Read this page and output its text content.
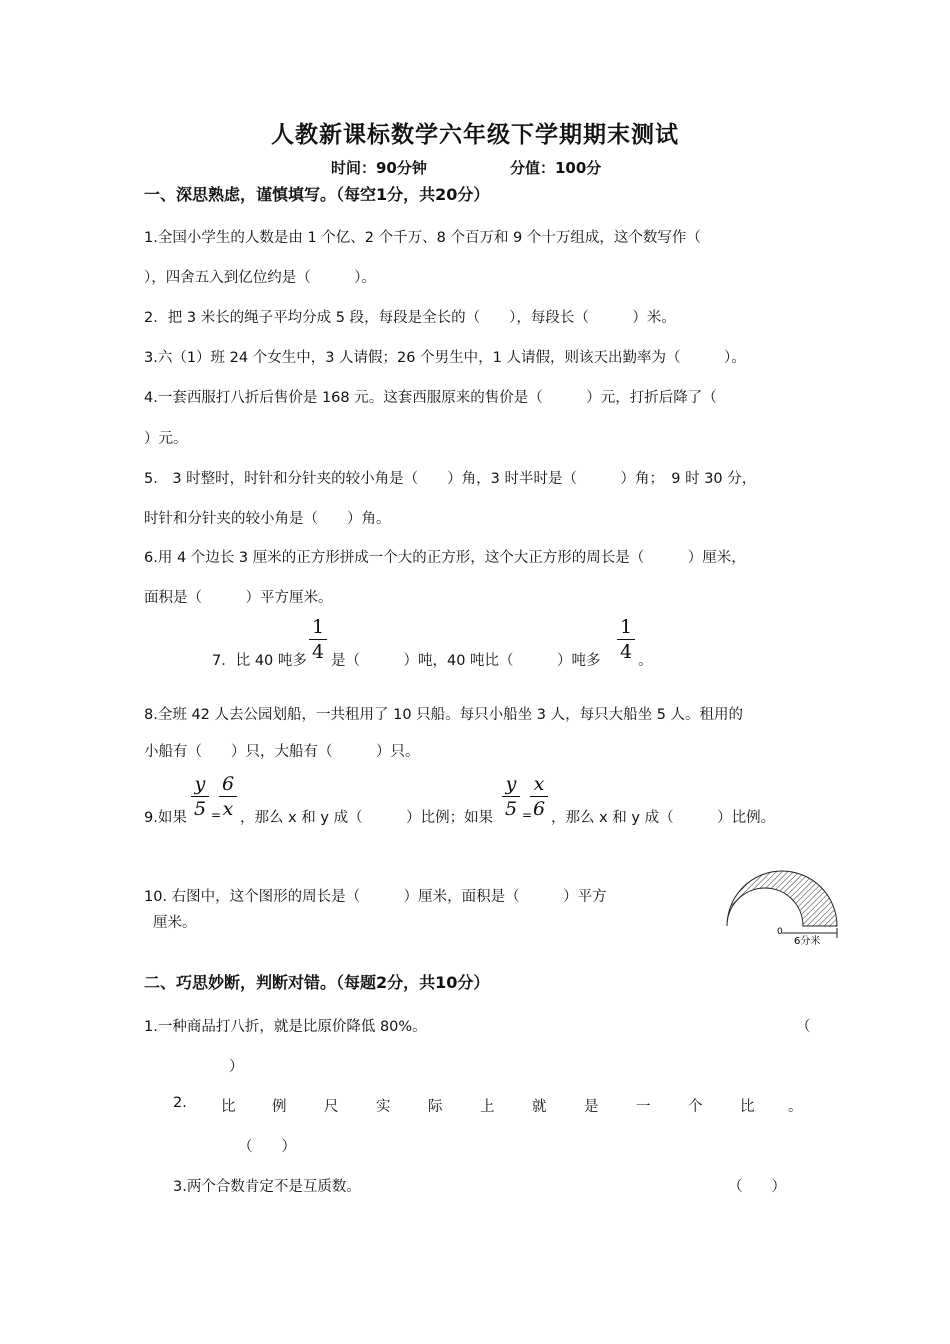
人教新课标数学六年级下学期期末测试
时间：90分钟	分值：100分
一、深思熟虑，谨慎填写。（每空1分，共20分）
1.全国小学生的人数是由 1 个亿、2 个千万、8 个百万和 9 个十万组成，这个数写作（
），四舍五入到亿位约是（　　　）。
2．把 3 米长的绳子平均分成 5 段，每段是全长的（　　），每段长（　　　）米。
3.六（1）班 24 个女生中，3 人请假；26 个男生中，1 人请假，则该天出勤率为（　　　）。
4.一套西服打八折后售价是 168 元。这套西服原来的售价是（　　　）元，打折后降了（
）元。
5.　3 时整时，时针和分针夹的较小角是（　　）角，3 时半时是（　　　）角；　9 时 30 分，
时针和分针夹的较小角是（　　）角。
6.用 4 个边长 3 厘米的正方形拼成一个大的正方形，这个大正方形的周长是（　　　）厘米，
面积是（　　　）平方厘米。
7．比 40 吨多
1
4 是（　　　）吨，40 吨比（　　　）吨多
1
4 。
8.全班 42 人去公园划船，一共租用了 10 只船。每只小船坐 3 人，每只大船坐 5 人。租用的
小船有（　　）只，大船有（　　　）只。
9.如果
y
5 =
6
x ，那么 x 和 y 成（　　　）比例；如果
y
5 =
x
6 ，那么 x 和 y 成（　　　）比例。
10. 右图中，这个图形的周长是（　　　）厘米，面积是（　　　）平方
厘米。
0
6分米
二、巧思妙断，判断对错。（每题2分，共10分）
1.一种商品打八折，就是比原价降低 80%。	（
）
2. 比	例	尺	实	际	上	就	是	一	个	比 。
（　　）
3.两个合数肯定不是互质数。	（　　）
